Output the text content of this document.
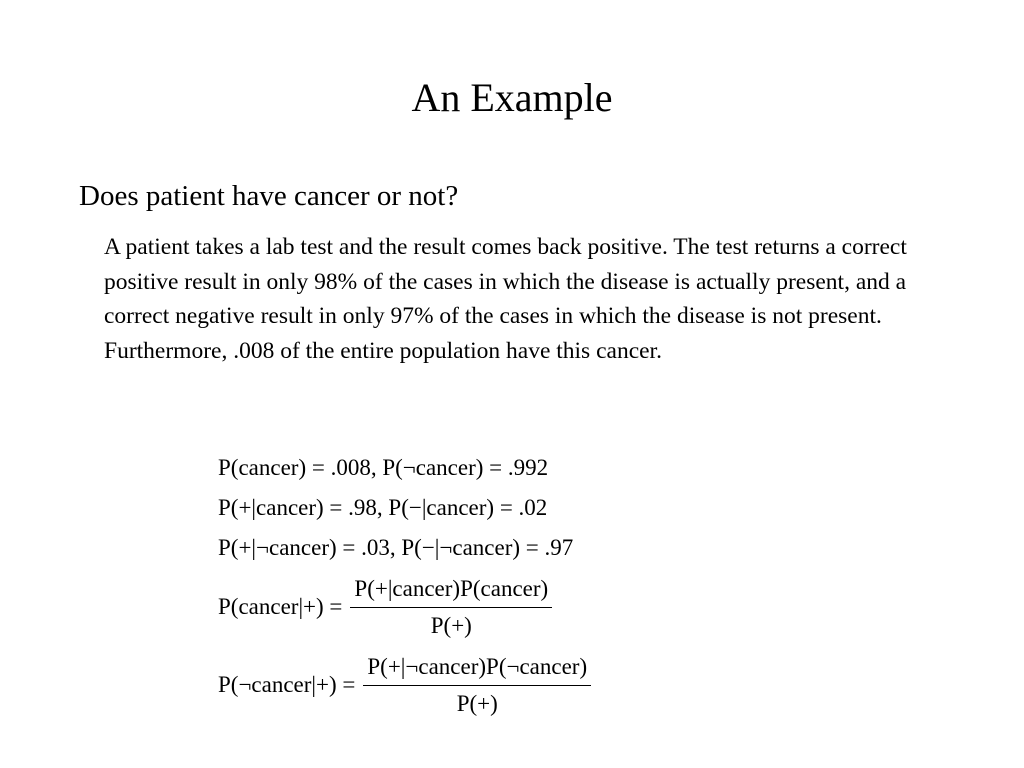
An Example

Does patient have cancer or not?

A patient takes a lab test and the result comes back positive. The test returns a correct positive result in only 98% of the cases in which the disease is actually present, and a correct negative result in only 97% of the cases in which the disease is not present. Furthermore, .008 of the entire population have this cancer.

P(cancer) = .008, P(¬cancer) = .992
P(+|cancer) = .98, P(−|cancer) = .02
P(+|¬cancer) = .03, P(−|¬cancer) = .97
P(cancer|+) = $\frac{\text{P(+|cancer)P(cancer)}}{P(+)}$
P(¬cancer|+) = $\frac{\text{P(+|¬cancer)P(¬cancer)}}{P(+)}$
